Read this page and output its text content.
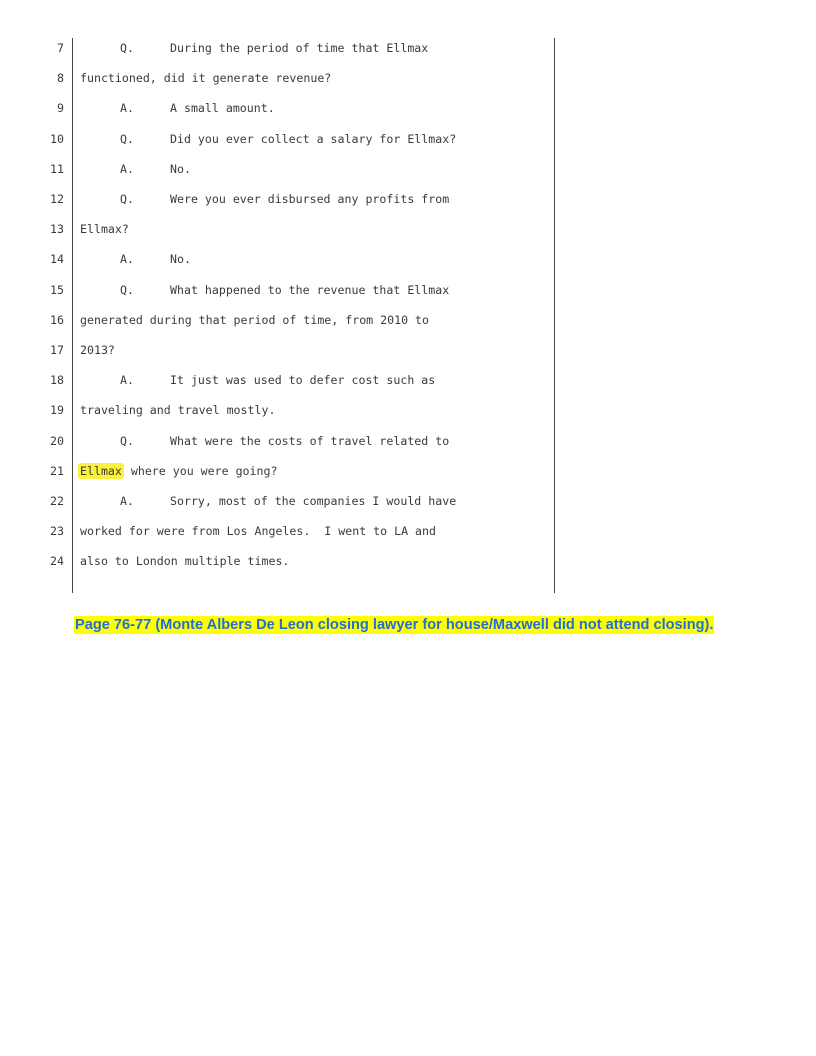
7	Q.	During the period of time that Ellmax
8 functioned, did it generate revenue?
9	A.	A small amount.
10	Q.	Did you ever collect a salary for Ellmax?
11	A.	No.
12	Q.	Were you ever disbursed any profits from
13 Ellmax?
14	A.	No.
15	Q.	What happened to the revenue that Ellmax
16 generated during that period of time, from 2010 to
17 2013?
18	A.	It just was used to defer cost such as
19 traveling and travel mostly.
20	Q.	What were the costs of travel related to
21 Ellmax where you were going?
22	A.	Sorry, most of the companies I would have
23 worked for were from Los Angeles.  I went to LA and
24 also to London multiple times.
Page 76-77 (Monte Albers De Leon closing lawyer for house/Maxwell did not attend closing).
